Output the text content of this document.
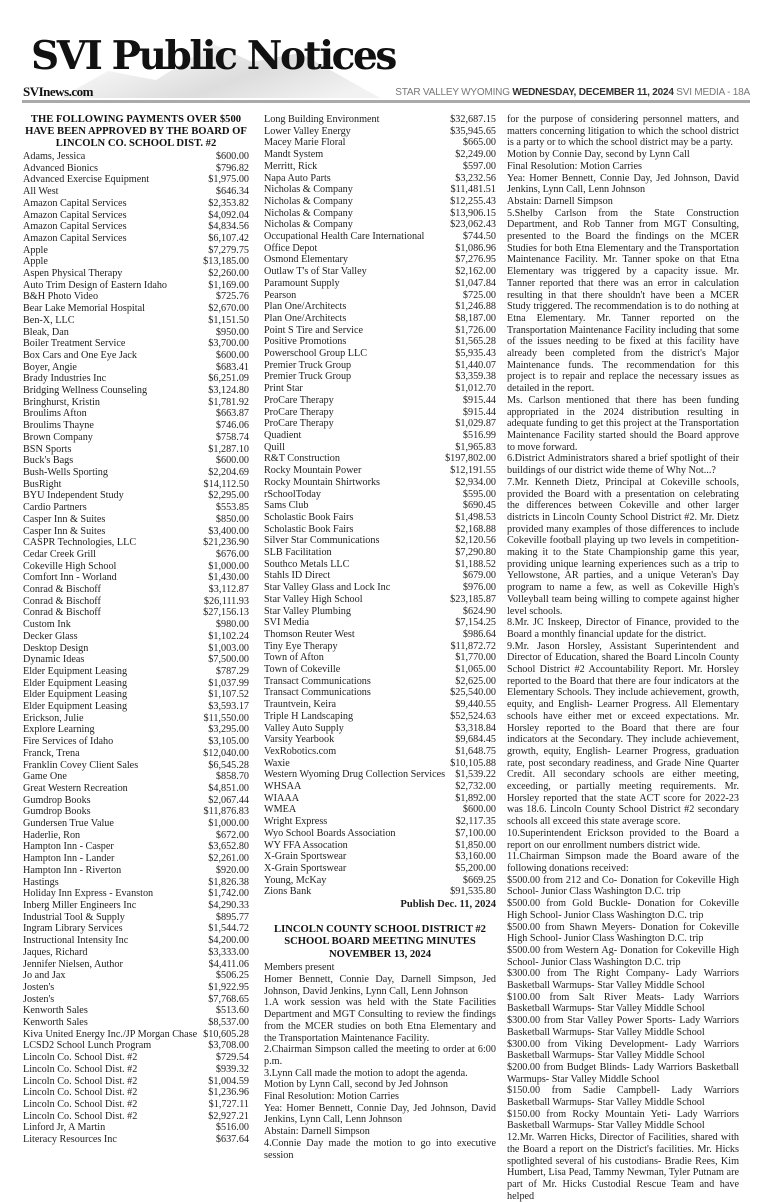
SVI Public Notices
SVInews.com	STAR VALLEY WYOMING WEDNESDAY, DECEMBER 11, 2024 SVI MEDIA - 18A
THE FOLLOWING PAYMENTS OVER $500 HAVE BEEN APPROVED BY THE BOARD OF LINCOLN CO. SCHOOL DIST. #2
Adams, Jessica	$600.00
Advanced Bionics	$796.82
Advanced Exercise Equipment	$1,975.00
All West	$646.34
Amazon Capital Services	$2,353.82
Amazon Capital Services	$4,092.04
Amazon Capital Services	$4,834.56
Amazon Capital Services	$6,107.42
Apple	$7,279.75
Apple	$13,185.00
Aspen Physical Therapy	$2,260.00
Auto Trim Design of Eastern Idaho	$1,169.00
B&H Photo Video	$725.76
Bear Lake Memorial Hospital	$2,670.00
Ben-X, LLC	$1,151.50
Bleak, Dan	$950.00
Boiler Treatment Service	$3,700.00
Box Cars and One Eye Jack	$600.00
Boyer, Angie	$683.41
Brady Industries Inc	$6,251.09
Bridging Wellness Counseling	$3,124.80
Bringhurst, Kristin	$1,781.92
Broulims Afton	$663.87
Broulims Thayne	$746.06
Brown Company	$758.74
BSN Sports	$1,287.10
Buck's Bags	$600.00
Bush-Wells Sporting	$2,204.69
BusRight	$14,112.50
BYU Independent Study	$2,295.00
Cardio Partners	$553.85
Casper Inn & Suites	$850.00
Casper Inn & Suites	$3,400.00
CASPR Technologies, LLC	$21,236.90
Cedar Creek Grill	$676.00
Cokeville High School	$1,000.00
Comfort Inn - Worland	$1,430.00
Conrad & Bischoff	$3,112.87
Conrad & Bischoff	$26,111.93
Conrad & Bischoff	$27,156.13
Custom Ink	$980.00
Decker Glass	$1,102.24
Desktop Design	$1,003.00
Dynamic Ideas	$7,500.00
Elder Equipment Leasing	$787.29
Elder Equipment Leasing	$1,037.99
Elder Equipment Leasing	$1,107.52
Elder Equipment Leasing	$3,593.17
Erickson, Julie	$11,550.00
Explore Learning	$3,295.00
Fire Services of Idaho	$3,105.00
Franck, Trena	$12,040.00
Franklin Covey Client Sales	$6,545.28
Game One	$858.70
Great Western Recreation	$4,851.00
Gumdrop Books	$2,067.44
Gumdrop Books	$11,876.83
Gundersen True Value	$1,000.00
Haderlie, Ron	$672.00
Hampton Inn - Casper	$3,652.80
Hampton Inn - Lander	$2,261.00
Hampton Inn - Riverton	$920.00
Hastings	$1,826.38
Holiday Inn Express - Evanston	$1,742.00
Inberg Miller Engineers Inc	$4,290.33
Industrial Tool & Supply	$895.77
Ingram Library Services	$1,544.72
Instructional Intensity Inc	$4,200.00
Jaques, Richard	$3,333.00
Jennifer Nielsen, Author	$4,411.06
Jo and Jax	$506.25
Josten's	$1,922.95
Josten's	$7,768.65
Kenworth Sales	$513.60
Kenworth Sales	$8,537.00
Kiva United Energy Inc./JP Morgan Chase $10,605.28
LCSD2 School Lunch Program	$3,708.00
Lincoln Co. School Dist. #2	$729.54
Lincoln Co. School Dist. #2	$939.32
Lincoln Co. School Dist. #2	$1,004.59
Lincoln Co. School Dist. #2	$1,236.96
Lincoln Co. School Dist. #2	$1,727.11
Lincoln Co. School Dist. #2	$2,927.21
Linford Jr, A Martin	$516.00
Literacy Resources Inc	$637.64
Long Building Environment	$32,687.15
Lower Valley Energy	$35,945.65
Macey Marie Floral	$665.00
Mandt System	$2,249.00
Merritt, Rick	$597.00
Napa Auto Parts	$3,232.56
Nicholas & Company	$11,481.51
Nicholas & Company	$12,255.43
Nicholas & Company	$13,906.15
Nicholas & Company	$23,062.43
Occupational Health Care International	$744.50
Office Depot	$1,086.96
Osmond Elementary	$7,276.95
Outlaw T's of Star Valley	$2,162.00
Paramount Supply	$1,047.84
Pearson	$725.00
Plan One/Architects	$1,246.88
Plan One/Architects	$8,187.00
Point S Tire and Service	$1,726.00
Positive Promotions	$1,565.28
Powerschool Group LLC	$5,935.43
Premier Truck Group	$1,440.07
Premier Truck Group	$3,359.38
Print Star	$1,012.70
ProCare Therapy	$915.44
ProCare Therapy	$915.44
ProCare Therapy	$1,029.87
Quadient	$516.99
Quill	$1,965.83
R&T Construction	$197,802.00
Rocky Mountain Power	$12,191.55
Rocky Mountain Shirtworks	$2,934.00
rSchoolToday	$595.00
Sams Club	$690.45
Scholastic Book Fairs	$1,498.53
Scholastic Book Fairs	$2,168.88
Silver Star Communications	$2,120.56
SLB Facilitation	$7,290.80
Southco Metals LLC	$1,188.52
Stahls ID Direct	$679.00
Star Valley Glass and Lock Inc	$976.00
Star Valley High School	$23,185.87
Star Valley Plumbing	$624.90
SVI Media	$7,154.25
Thomson Reuter West	$986.64
Tiny Eye Therapy	$11,872.72
Town of Afton	$1,770.00
Town of Cokeville	$1,065.00
Transact Communications	$2,625.00
Transact Communications	$25,540.00
Trauntvein, Keira	$9,440.55
Triple H Landscaping	$52,524.63
Valley Auto Supply	$3,318.84
Varsity Yearbook	$9,684.45
VexRobotics.com	$1,648.75
Waxie	$10,105.88
Western Wyoming Drug Collection Services $1,539.22
WHSAA	$2,732.00
WIAAA	$1,892.00
WMEA	$600.00
Wright Express	$2,117.35
Wyo School Boards Association	$7,100.00
WY FFA Assocation	$1,850.00
X-Grain Sportswear	$3,160.00
X-Grain Sportswear	$5,200.00
Young, McKay	$669.25
Zions Bank	$91,535.80
Publish Dec. 11, 2024
LINCOLN COUNTY SCHOOL DISTRICT #2
SCHOOL BOARD MEETING MINUTES
NOVEMBER 13, 2024

Members present

Homer Bennett, Connie Day, Darnell Simpson, Jed Johnson, David Jenkins, Lynn Call, Lenn Johnson

1.A work session was held with the State Facilities Department and MGT Consulting to review the findings from the MCER studies on both Etna Elementary and the Transportation Maintenance Facility.

2.Chairman Simpson called the meeting to order at 6:00 p.m.

3.Lynn Call made the motion to adopt the agenda.

Motion by Lynn Call, second by Jed Johnson

Final Resolution: Motion Carries

Yea: Homer Bennett, Connie Day, Jed Johnson, David Jenkins, Lynn Call, Lenn Johnson

Abstain: Darnell Simpson

4.Connie Day made the motion to go into executive session

for the purpose of considering personnel matters, and matters concerning litigation to which the school district is a party or to which the school district may be a party.

Motion by Connie Day, second by Lynn Call

Final Resolution: Motion Carries

Yea: Homer Bennett, Connie Day, Jed Johnson, David Jenkins, Lynn Call, Lenn Johnson

Abstain: Darnell Simpson

5.Shelby Carlson from the State Construction Department, and Rob Tanner from MGT Consulting, presented to the Board the findings on the MCER Studies for both Etna Elementary and the Transportation Maintenance Facility. Mr. Tanner spoke on that Etna Elementary was triggered by a capacity issue. Mr. Tanner reported that there was an error in calculation resulting in that there shouldn't have been a MCER Study triggered. The recommendation is to do nothing at Etna Elementary. Mr. Tanner reported on the Transportation Maintenance Facility including that some of the issues needing to be fixed at this facility have already been completed from the district's Major Maintenance funds. The recommendation for this project is to repair and replace the necessary issues as detailed in the report.

Ms. Carlson mentioned that there has been funding appropriated in the 2024 distribution resulting in adequate funding to get this project at the Transportation Maintenance Facility started should the Board approve to move forward.

6.District Administrators shared a brief spotlight of their buildings of our district wide theme of Why Not...?

7.Mr. Kenneth Dietz, Principal at Cokeville schools, provided the Board with a presentation on celebrating the differences between Cokeville and other larger districts in Lincoln County School District #2. Mr. Dietz provided many examples of those differences to include Cokeville football playing up two levels in competition- making it to the State Championship game this year, providing unique learning experiences such as a trip to Yellowstone, AR parties, and a unique Veteran's Day program to name a few, as well as Cokeville High's Volleyball team being willing to compete against higher level schools.

8.Mr. JC Inskeep, Director of Finance, provided to the Board a monthly financial update for the district.

9.Mr. Jason Horsley, Assistant Superintendent and Director of Education, shared the Board Lincoln County School District #2 Accountability Report. Mr. Horsley reported to the Board that there are four indicators at the Elementary Schools. They include achievement, growth, equity, and English- Learner Progress. All Elementary schools have either met or exceed expectations. Mr. Horsley reported to the Board that there are four indicators at the Secondary. They include achievement, growth, equity, English- Learner Progress, graduation rate, post secondary readiness, and Grade Nine Quarter Credit. All secondary schools are either meeting, exceeding, or partially meeting requirements. Mr. Horsley reported that the state ACT score for 2022-23 was 18.6. Lincoln County School District #2 secondary schools all exceed this state average score.

10.Superintendent Erickson provided to the Board a report on our enrollment numbers district wide.

11.Chairman Simpson made the Board aware of the following donations received:

$500.00 from 212 and Co- Donation for Cokeville High School- Junior Class Washington D.C. trip

$500.00 from Gold Buckle- Donation for Cokeville High School- Junior Class Washington D.C. trip

$500.00 from Shawn Meyers- Donation for Cokeville High School- Junior Class Washington D.C. trip

$500.00 from Western Ag- Donation for Cokeville High School- Junior Class Washington D.C. trip

$300.00 from The Right Company- Lady Warriors Basketball Warmups- Star Valley Middle School

$100.00 from Salt River Meats- Lady Warriors Basketball Warmups- Star Valley Middle School

$300.00 from Star Valley Power Sports- Lady Warriors Basketball Warmups- Star Valley Middle School

$300.00 from Viking Development- Lady Warriors Basketball Warmups- Star Valley Middle School

$200.00 from Budget Blinds- Lady Warriors Basketball Warmups- Star Valley Middle School

$150.00 from Sadie Campbell- Lady Warriors Basketball Warmups- Star Valley Middle School

$150.00 from Rocky Mountain Yeti- Lady Warriors Basketball Warmups- Star Valley Middle School

12.Mr. Warren Hicks, Director of Facilities, shared with the Board a report on the District's facilities. Mr. Hicks spotlighted several of his custodians- Bradie Rees, Kim Humbert, Lisa Pead, Tammy Newman, Tyler Putnam are part of Mr. Hicks Custodial Rescue Team and have helped
